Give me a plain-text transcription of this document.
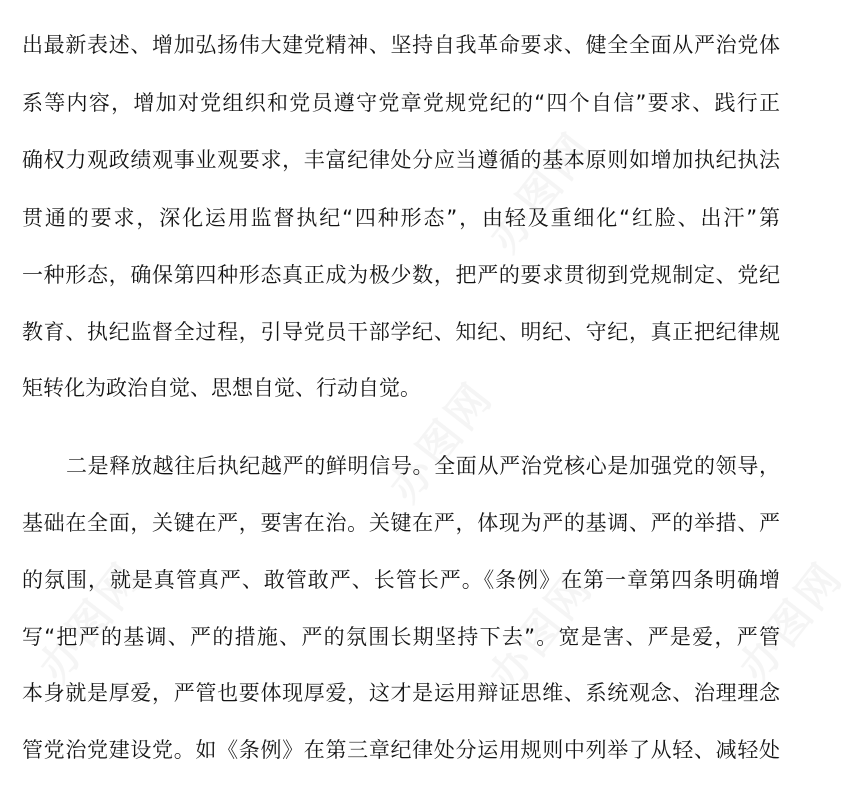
办图网
办图网
办图网
办图网	办图网
出最新表述、增加弘扬伟大建党精神、坚持自我革命要求、健全全面从严治党体
系等内容，增加对党组织和党员遵守党章党规党纪的“四个自信”要求、践行正
确权力观政绩观事业观要求，丰富纪律处分应当遵循的基本原则如增加执纪执法
贯通的要求，深化运用监督执纪“四种形态”，由轻及重细化“红脸、出汗”第
一种形态，确保第四种形态真正成为极少数，把严的要求贯彻到党规制定、党纪
教育、执纪监督全过程，引导党员干部学纪、知纪、明纪、守纪，真正把纪律规
矩转化为政治自觉、思想自觉、行动自觉。
二是释放越往后执纪越严的鲜明信号。全面从严治党核心是加强党的领导，
基础在全面，关键在严，要害在治。关键在严，体现为严的基调、严的举措、严
的氛围，就是真管真严、敢管敢严、长管长严。《条例》在第一章第四条明确增
写“把严的基调、严的措施、严的氛围长期坚持下去”。宽是害、严是爱，严管
本身就是厚爱，严管也要体现厚爱，这才是运用辩证思维、系统观念、治理理念
管党治党建设党。如《条例》在第三章纪律处分运用规则中列举了从轻、减轻处
